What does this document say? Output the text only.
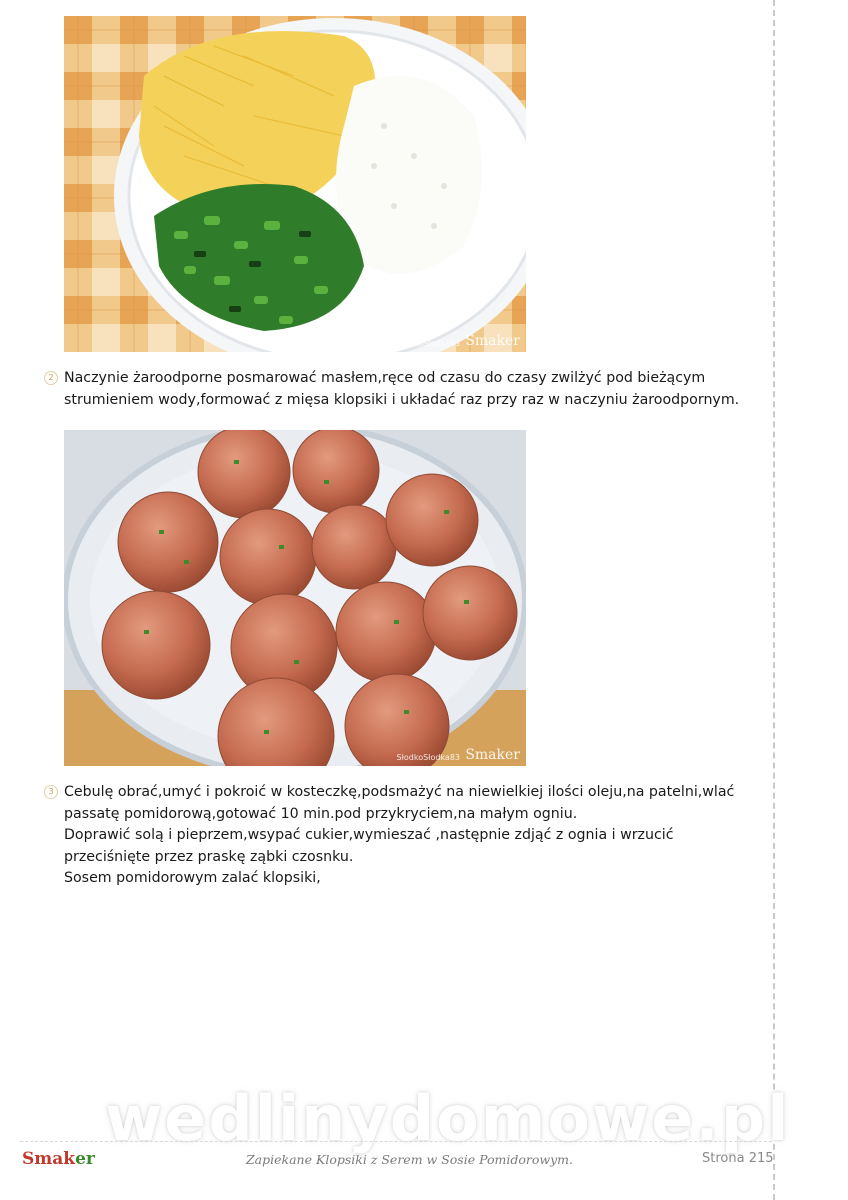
SłodkoSłodka83 Smaker
2 Naczynie żaroodporne posmarować masłem,ręce od czasu do czasy zwilżyć pod bieżącym strumieniem wody,formować z mięsa klopsiki i układać raz przy raz w naczyniu żaroodpornym.

SłodkoSłodka83 Smaker
3 Cebulę obrać,umyć i pokroić w kosteczkę,podsmażyć na niewielkiej ilości oleju,na patelni,wlać passatę pomidorową,gotować 10 min.pod przykryciem,na małym ogniu.

Doprawić solą i pieprzem,wsypać cukier,wymieszać ,następnie zdjąć z ognia i wrzucić przeciśnięte przez praskę ząbki czosnku.

Sosem pomidorowym zalać klopsiki,

wedlinydomowe.pl
Smaker	Zapiekane Klopsiki z Serem w Sosie Pomidorowym.	Strona 215
